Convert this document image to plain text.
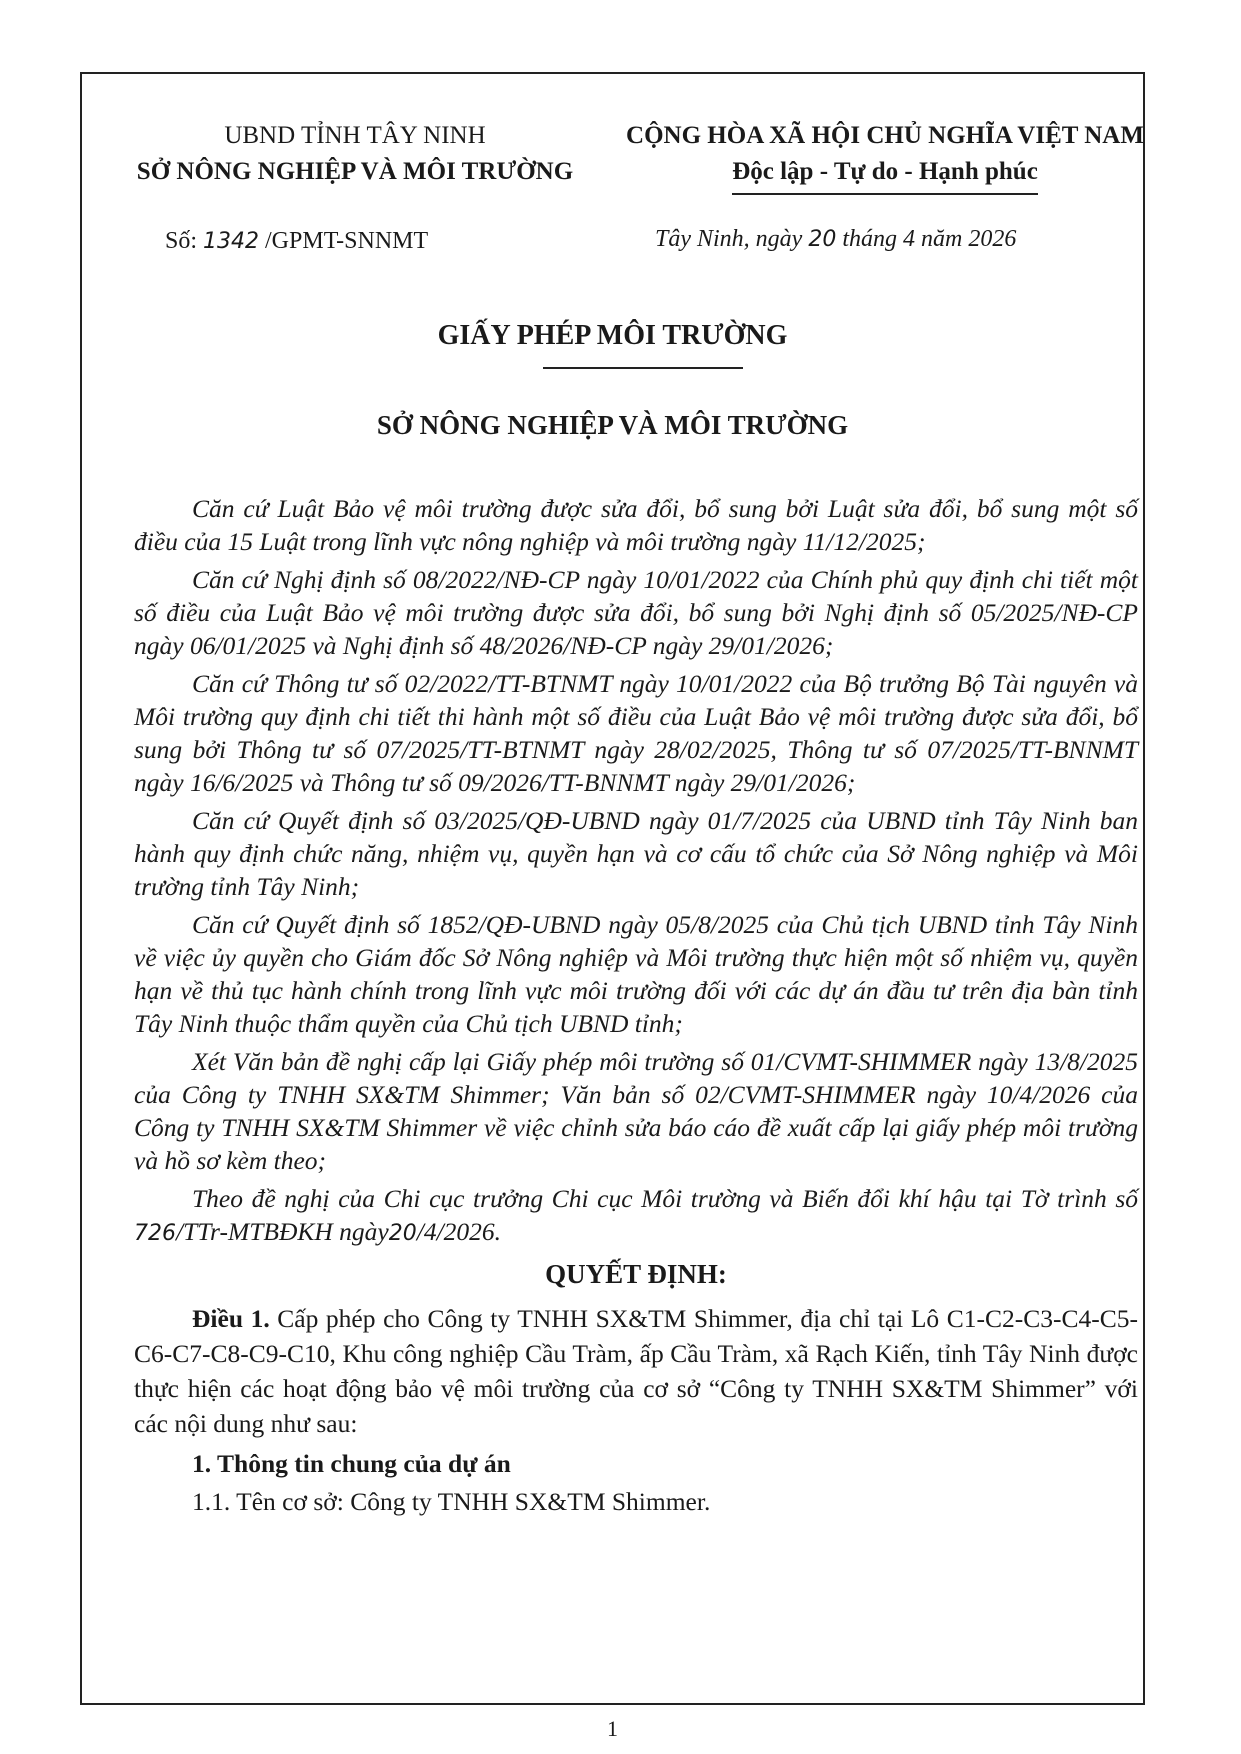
UBND TỈNH TÂY NINH
SỞ NÔNG NGHIỆP VÀ MÔI TRƯỜNG
CỘNG HÒA XÃ HỘI CHỦ NGHĨA VIỆT NAM
Độc lập - Tự do - Hạnh phúc
Số: 1342 /GPMT-SNNMT	Tây Ninh, ngày 20 tháng 4 năm 2026
GIẤY PHÉP MÔI TRƯỜNG
SỞ NÔNG NGHIỆP VÀ MÔI TRƯỜNG

Căn cứ Luật Bảo vệ môi trường được sửa đổi, bổ sung bởi Luật sửa đổi, bổ sung một số điều của 15 Luật trong lĩnh vực nông nghiệp và môi trường ngày 11/12/2025;

Căn cứ Nghị định số 08/2022/NĐ-CP ngày 10/01/2022 của Chính phủ quy định chi tiết một số điều của Luật Bảo vệ môi trường được sửa đổi, bổ sung bởi Nghị định số 05/2025/NĐ-CP ngày 06/01/2025 và Nghị định số 48/2026/NĐ-CP ngày 29/01/2026;

Căn cứ Thông tư số 02/2022/TT-BTNMT ngày 10/01/2022 của Bộ trưởng Bộ Tài nguyên và Môi trường quy định chi tiết thi hành một số điều của Luật Bảo vệ môi trường được sửa đổi, bổ sung bởi Thông tư số 07/2025/TT-BTNMT ngày 28/02/2025, Thông tư số 07/2025/TT-BNNMT ngày 16/6/2025 và Thông tư số 09/2026/TT-BNNMT ngày 29/01/2026;

Căn cứ Quyết định số 03/2025/QĐ-UBND ngày 01/7/2025 của UBND tỉnh Tây Ninh ban hành quy định chức năng, nhiệm vụ, quyền hạn và cơ cấu tổ chức của Sở Nông nghiệp và Môi trường tỉnh Tây Ninh;

Căn cứ Quyết định số 1852/QĐ-UBND ngày 05/8/2025 của Chủ tịch UBND tỉnh Tây Ninh về việc ủy quyền cho Giám đốc Sở Nông nghiệp và Môi trường thực hiện một số nhiệm vụ, quyền hạn về thủ tục hành chính trong lĩnh vực môi trường đối với các dự án đầu tư trên địa bàn tỉnh Tây Ninh thuộc thẩm quyền của Chủ tịch UBND tỉnh;

Xét Văn bản đề nghị cấp lại Giấy phép môi trường số 01/CVMT-SHIMMER ngày 13/8/2025 của Công ty TNHH SX&TM Shimmer; Văn bản số 02/CVMT-SHIMMER ngày 10/4/2026 của Công ty TNHH SX&TM Shimmer về việc chỉnh sửa báo cáo đề xuất cấp lại giấy phép môi trường và hồ sơ kèm theo;

Theo đề nghị của Chi cục trưởng Chi cục Môi trường và Biến đổi khí hậu tại Tờ trình số 726/TTr-MTBĐKH ngày20/4/2026.

QUYẾT ĐỊNH:

Điều 1. Cấp phép cho Công ty TNHH SX&TM Shimmer, địa chỉ tại Lô C1-C2-C3-C4-C5-C6-C7-C8-C9-C10, Khu công nghiệp Cầu Tràm, ấp Cầu Tràm, xã Rạch Kiến, tỉnh Tây Ninh được thực hiện các hoạt động bảo vệ môi trường của cơ sở “Công ty TNHH SX&TM Shimmer” với các nội dung như sau:

1. Thông tin chung của dự án

1.1. Tên cơ sở: Công ty TNHH SX&TM Shimmer.

1
